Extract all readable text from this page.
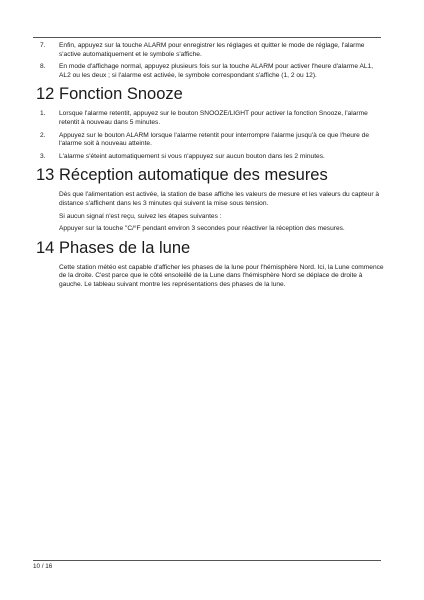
7.	Enfin, appuyez sur la touche ALARM pour enregistrer les réglages et quitter le mode de réglage, l'alarme s'active automatiquement et le symbole s'affiche.
8.	En mode d'affichage normal, appuyez plusieurs fois sur la touche ALARM pour activer l'heure d'alarme AL1, AL2 ou les deux ; si l'alarme est activée, le symbole correspondant s'affiche (1, 2 ou 12).
12 Fonction Snooze
1.	Lorsque l'alarme retentit, appuyez sur le bouton SNOOZE/LIGHT pour activer la fonction Snooze, l'alarme retentit à nouveau dans 5 minutes.
2.	Appuyez sur le bouton ALARM lorsque l'alarme retentit pour interrompre l'alarme jusqu'à ce que l'heure de l'alarme soit à nouveau atteinte.
3.	L'alarme s'éteint automatiquement si vous n'appuyez sur aucun bouton dans les 2 minutes.
13 Réception automatique des mesures

Dès que l'alimentation est activée, la station de base affiche les valeurs de mesure et les valeurs du capteur à distance s'affichent dans les 3 minutes qui suivent la mise sous tension.

Si aucun signal n'est reçu, suivez les étapes suivantes :

Appuyer sur la touche "C/°F pendant environ 3 secondes pour réactiver la réception des mesures.

14 Phases de la lune

Cette station météo est capable d'afficher les phases de la lune pour l'hémisphère Nord. Ici, la Lune commence de la droite. C'est parce que le côté ensoleillé de la Lune dans l'hémisphère Nord se déplace de droite à gauche. Le tableau suivant montre les représentations des phases de la lune.

10 / 16
